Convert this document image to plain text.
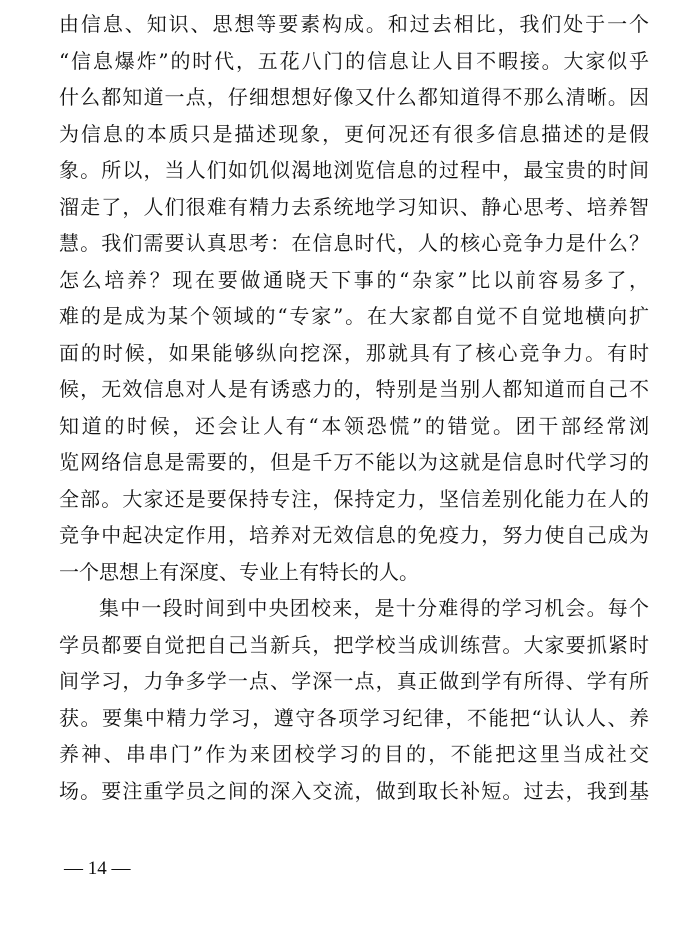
由信息、知识、思想等要素构成。和过去相比，我们处于一个
“信息爆炸”的时代，五花八门的信息让人目不暇接。大家似乎
什么都知道一点，仔细想想好像又什么都知道得不那么清晰。因
为信息的本质只是描述现象，更何况还有很多信息描述的是假
象。所以，当人们如饥似渴地浏览信息的过程中，最宝贵的时间
溜走了，人们很难有精力去系统地学习知识、静心思考、培养智
慧。我们需要认真思考：在信息时代，人的核心竞争力是什么？
怎么培养？现在要做通晓天下事的“杂家”比以前容易多了，
难的是成为某个领域的“专家”。在大家都自觉不自觉地横向扩
面的时候，如果能够纵向挖深，那就具有了核心竞争力。有时
候，无效信息对人是有诱惑力的，特别是当别人都知道而自己不
知道的时候，还会让人有“本领恐慌”的错觉。团干部经常浏
览网络信息是需要的，但是千万不能以为这就是信息时代学习的
全部。大家还是要保持专注，保持定力，坚信差别化能力在人的
竞争中起决定作用，培养对无效信息的免疫力，努力使自己成为
一个思想上有深度、专业上有特长的人。
集中一段时间到中央团校来，是十分难得的学习机会。每个
学员都要自觉把自己当新兵，把学校当成训练营。大家要抓紧时
间学习，力争多学一点、学深一点，真正做到学有所得、学有所
获。要集中精力学习，遵守各项学习纪律，不能把“认认人、养
养神、串串门”作为来团校学习的目的，不能把这里当成社交
场。要注重学员之间的深入交流，做到取长补短。过去，我到基
— 14 —
